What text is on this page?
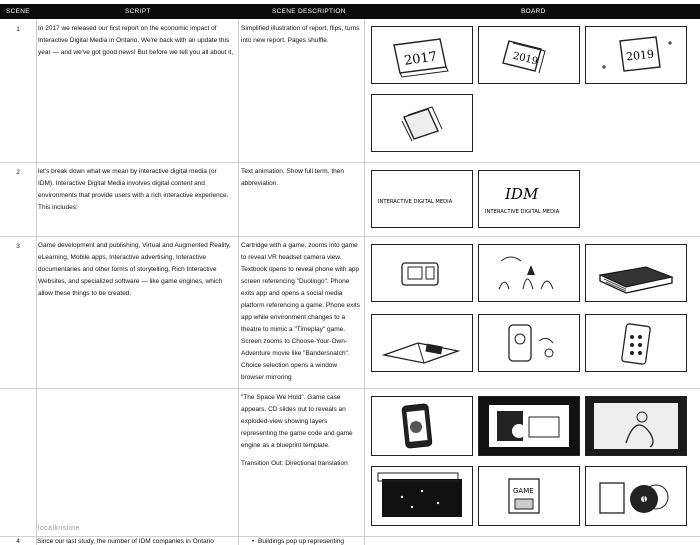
SCENE	SCRIPT	SCENE DESCRIPTION	BOARD
1	In 2017 we released our first report on the economic impact of Interactive Digital Media in Ontario. We're back with an update this year — and we've got good news! But before we tell you all about it,
Simplified illustration of report, flips, turns into new report. Pages shuffle.
2017	2019	2019
2	let's break down what we mean by interactive digital media (or IDM). Interactive Digital Media involves digital content and environments that provide users with a rich interactive experience. This includes:
Text animation. Show full term, then abbreviation.
INTERACTIVE DIGITAL MEDIA	IDM
INTERACTIVE DIGITAL MEDIA
3	Game development and publishing, Virtual and Augmented Reality, eLearning, Mobile apps, Interactive advertising, Interactive documentaries and other forms of storytelling, Rich Interactive Websites, and specialized software — like game engines, which allow these things to be created.
Cartridge with a game, zooms into game to reveal VR headset camera view. Textbook opens to reveal phone with app screen referencing "Duolingo". Phone exits app and opens a social media platform referencing a game. Phone exits app while environment changes to a theatre to mimic a "Timeplay" game. Screen zooms to Choose-Your-Own-Adventure movie like "Bandersnatch". Choice selection opens a window browser mirroring

"The Space We Hold". Game case appears, CD slides out to reveals an exploded-view showing layers representing the game code and game engine as a blueprint template.

Transition Out: Directional translation

GAME
localkristine
4	Since our last study, the number of IDM companies in Ontario
•	Buildings pop up representing
